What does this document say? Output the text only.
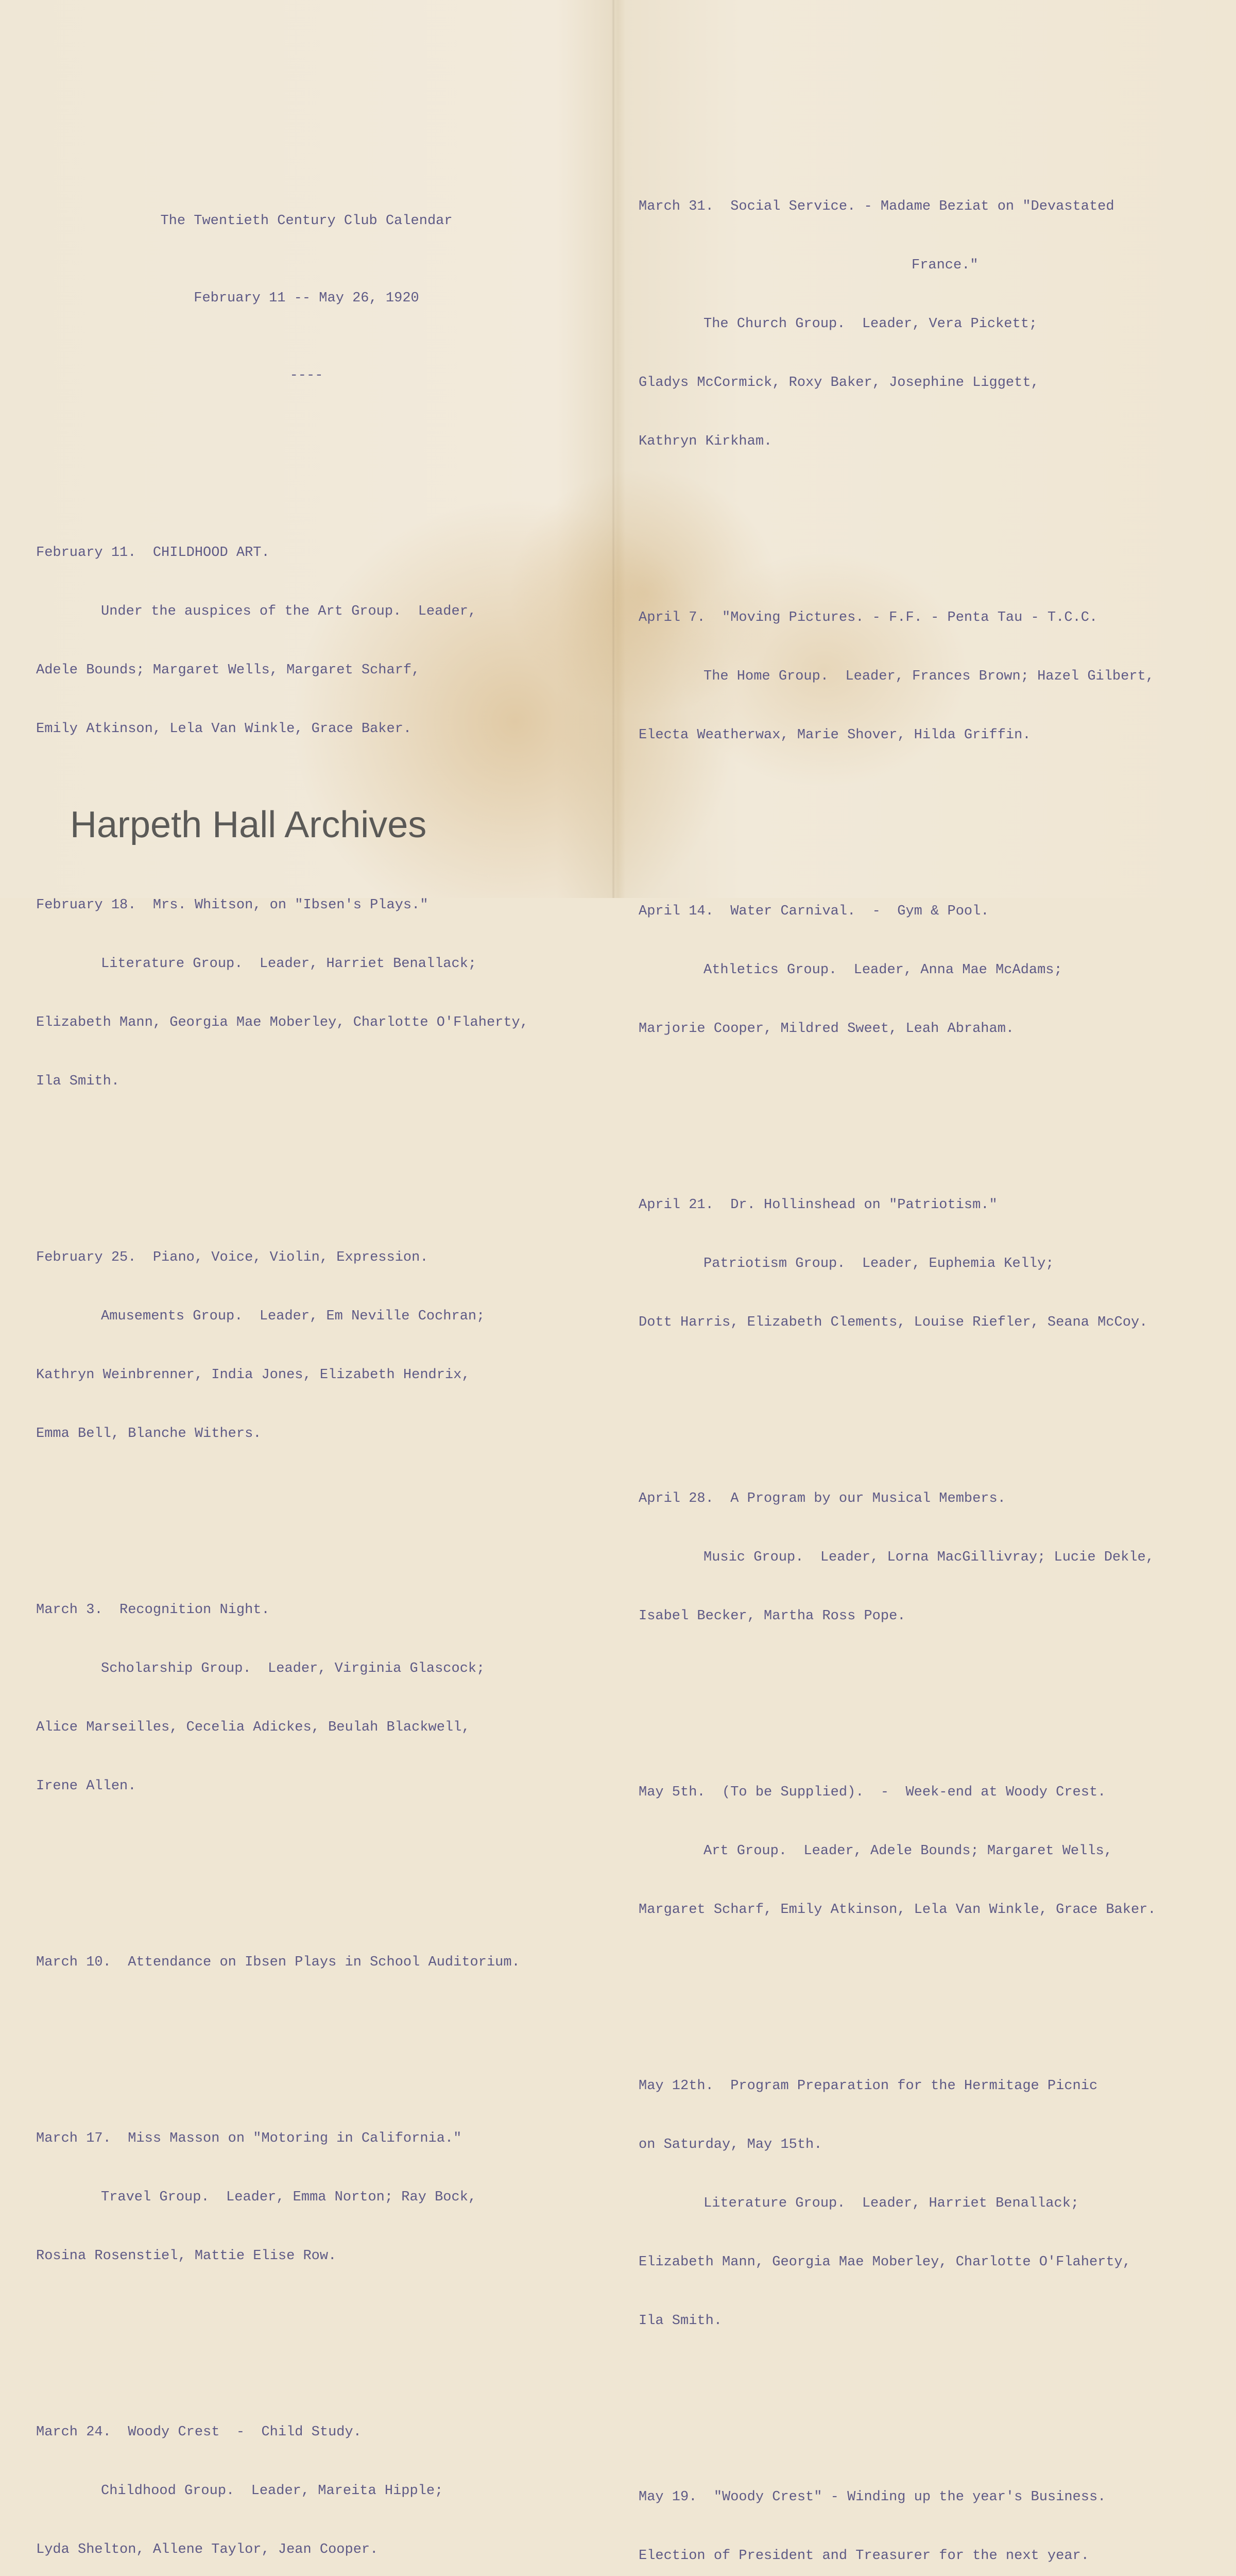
The Twentieth Century Club Calendar

February 11 -- May 26, 1920

----

February 11.  CHILDHOOD ART.

Under the auspices of the Art Group.  Leader,

Adele Bounds; Margaret Wells, Margaret Scharf,

Emily Atkinson, Lela Van Winkle, Grace Baker.

February 18.  Mrs. Whitson, on "Ibsen's Plays."

Literature Group.  Leader, Harriet Benallack;

Elizabeth Mann, Georgia Mae Moberley, Charlotte O'Flaherty,

Ila Smith.

February 25.  Piano, Voice, Violin, Expression.

Amusements Group.  Leader, Em Neville Cochran;

Kathryn Weinbrenner, India Jones, Elizabeth Hendrix,

Emma Bell, Blanche Withers.

March 3.  Recognition Night.

Scholarship Group.  Leader, Virginia Glascock;

Alice Marseilles, Cecelia Adickes, Beulah Blackwell,

Irene Allen.

March 10.  Attendance on Ibsen Plays in School Auditorium.

March 17.  Miss Masson on "Motoring in California."

Travel Group.  Leader, Emma Norton; Ray Bock,

Rosina Rosenstiel, Mattie Elise Row.

March 24.  Woody Crest  -  Child Study.

Childhood Group.  Leader, Mareita Hipple;

Lyda Shelton, Allene Taylor, Jean Cooper.

March 31.  Social Service. - Madame Beziat on "Devastated

France."

The Church Group.  Leader, Vera Pickett;

Gladys McCormick, Roxy Baker, Josephine Liggett,

Kathryn Kirkham.

April 7.  "Moving Pictures. - F.F. - Penta Tau - T.C.C.

The Home Group.  Leader, Frances Brown; Hazel Gilbert,

Electa Weatherwax, Marie Shover, Hilda Griffin.

April 14.  Water Carnival.  -  Gym & Pool.

Athletics Group.  Leader, Anna Mae McAdams;

Marjorie Cooper, Mildred Sweet, Leah Abraham.

April 21.  Dr. Hollinshead on "Patriotism."

Patriotism Group.  Leader, Euphemia Kelly;

Dott Harris, Elizabeth Clements, Louise Riefler, Seana McCoy.

April 28.  A Program by our Musical Members.

Music Group.  Leader, Lorna MacGillivray; Lucie Dekle,

Isabel Becker, Martha Ross Pope.

May 5th.  (To be Supplied).  -  Week-end at Woody Crest.

Art Group.  Leader, Adele Bounds; Margaret Wells,

Margaret Scharf, Emily Atkinson, Lela Van Winkle, Grace Baker.

May 12th.  Program Preparation for the Hermitage Picnic

on Saturday, May 15th.

Literature Group.  Leader, Harriet Benallack;

Elizabeth Mann, Georgia Mae Moberley, Charlotte O'Flaherty,

Ila Smith.

May 19.  "Woody Crest" - Winding up the year's Business.

Election of President and Treasurer for the next year.

Harpeth Hall Archives
